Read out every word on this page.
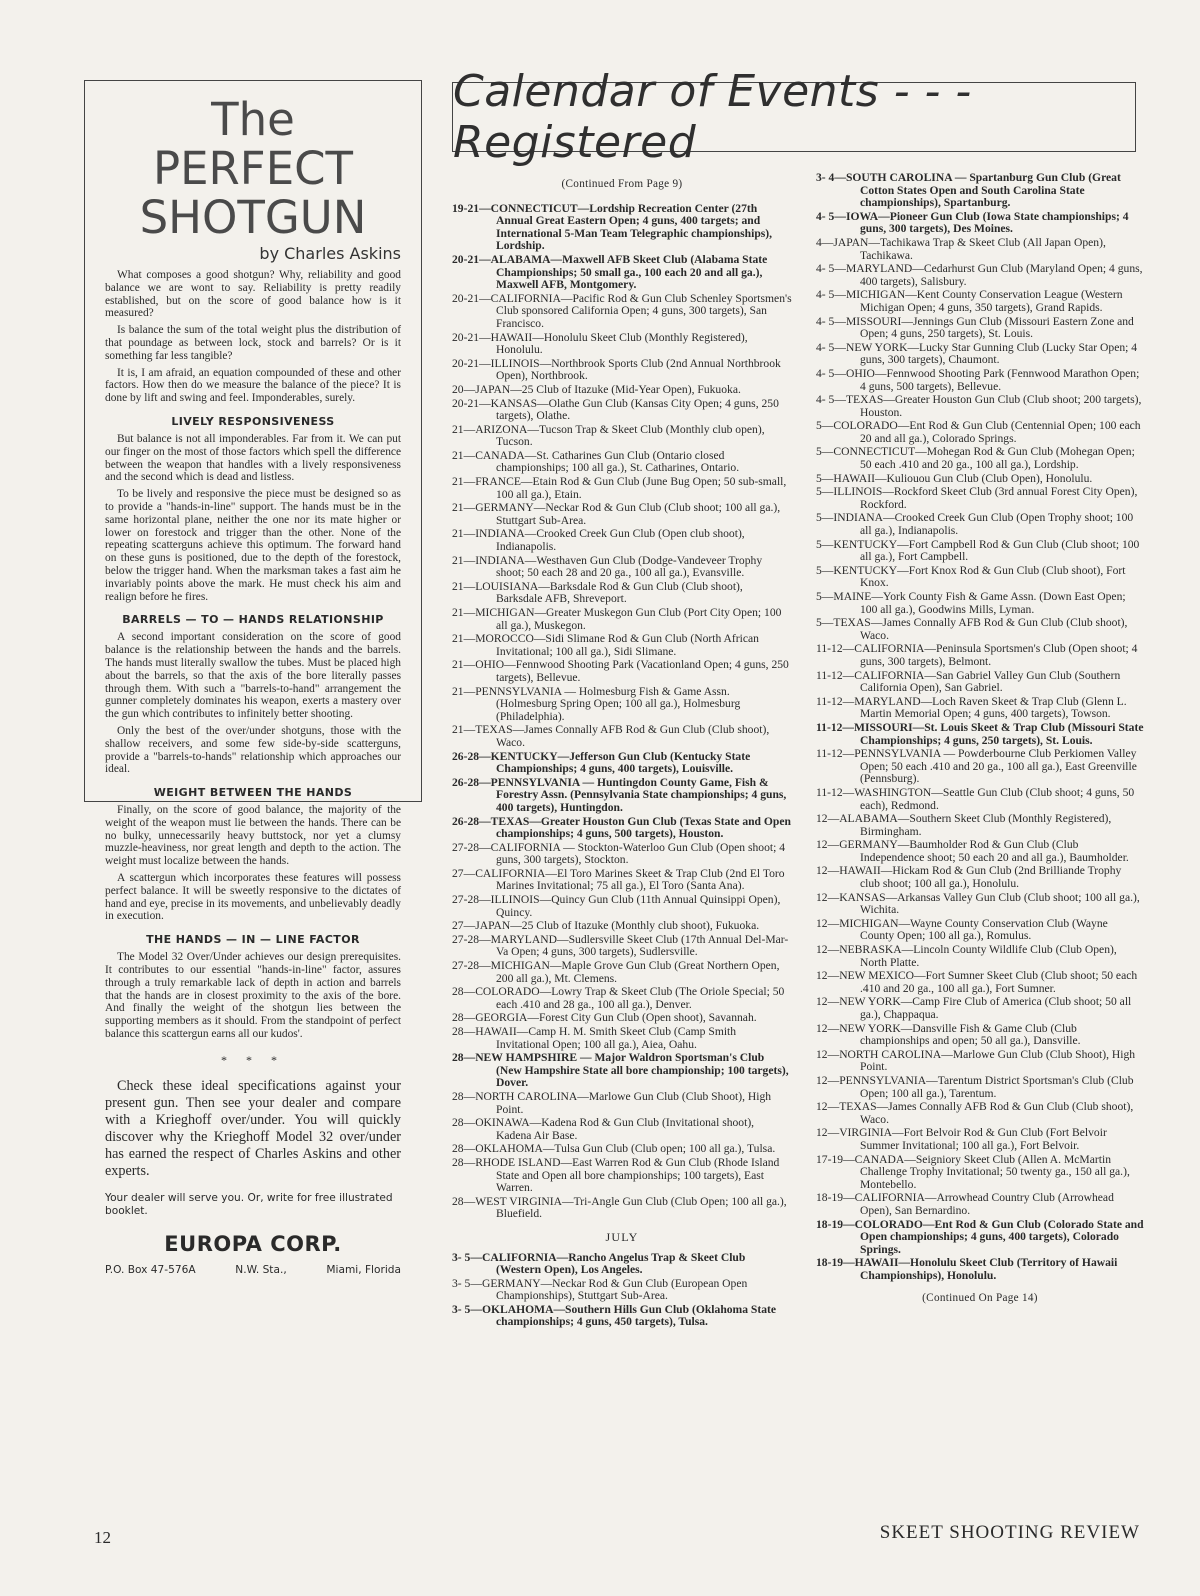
The PERFECT
SHOTGUN
by Charles Askins

What composes a good shotgun? Why, reliability and good balance we are wont to say. Reliability is pretty readily established, but on the score of good balance how is it measured?

Is balance the sum of the total weight plus the distribution of that poundage as between lock, stock and barrels? Or is it something far less tangible?

It is, I am afraid, an equation compounded of these and other factors. How then do we measure the balance of the piece? It is done by lift and swing and feel. Imponderables, surely.

LIVELY RESPONSIVENESS

But balance is not all imponderables. Far from it. We can put our finger on the most of those factors which spell the difference between the weapon that handles with a lively responsiveness and the second which is dead and listless.

To be lively and responsive the piece must be designed so as to provide a "hands-in-line" support. The hands must be in the same horizontal plane, neither the one nor its mate higher or lower on forestock and trigger than the other. None of the repeating scatterguns achieve this optimum. The forward hand on these guns is positioned, due to the depth of the forestock, below the trigger hand. When the marksman takes a fast aim he invariably points above the mark. He must check his aim and realign before he fires.

BARRELS — TO — HANDS RELATIONSHIP

A second important consideration on the score of good balance is the relationship between the hands and the barrels. The hands must literally swallow the tubes. Must be placed high about the barrels, so that the axis of the bore literally passes through them. With such a "barrels-to-hand" arrangement the gunner completely dominates his weapon, exerts a mastery over the gun which contributes to infinitely better shooting.

Only the best of the over/under shotguns, those with the shallow receivers, and some few side-by-side scatterguns, provide a "barrels-to-hands" relationship which approaches our ideal.

WEIGHT BETWEEN THE HANDS

Finally, on the score of good balance, the majority of the weight of the weapon must lie between the hands. There can be no bulky, unnecessarily heavy buttstock, nor yet a clumsy muzzle-heaviness, nor great length and depth to the action. The weight must localize between the hands.

A scattergun which incorporates these features will possess perfect balance. It will be sweetly responsive to the dictates of hand and eye, precise in its movements, and unbelievably deadly in execution.

THE HANDS — IN — LINE FACTOR

The Model 32 Over/Under achieves our design prerequisites. It contributes to our essential "hands-in-line" factor, assures through a truly remarkable lack of depth in action and barrels that the hands are in closest proximity to the axis of the bore. And finally the weight of the shotgun lies between the supporting members as it should. From the standpoint of perfect balance this scattergun earns all our kudos'.

* * *

Check these ideal specifications against your present gun. Then see your dealer and compare with a Krieghoff over/under. You will quickly discover why the Krieghoff Model 32 over/under has earned the respect of Charles Askins and other experts.

Your dealer will serve you. Or, write for free illustrated booklet.

EUROPA CORP.
P.O. Box 47-576A	N.W. Sta.,	Miami, Florida
Calendar of Events - - - Registered
(Continued From Page 9)
19-21—CONNECTICUT—Lordship Recreation Center (27th Annual Great Eastern Open; 4 guns, 400 targets; and International 5-Man Team Telegraphic championships), Lordship.
20-21—ALABAMA—Maxwell AFB Skeet Club (Alabama State Championships; 50 small ga., 100 each 20 and all ga.), Maxwell AFB, Montgomery.
20-21—CALIFORNIA—Pacific Rod & Gun Club Schenley Sportsmen's Club sponsored California Open; 4 guns, 300 targets), San Francisco.
20-21—HAWAII—Honolulu Skeet Club (Monthly Registered), Honolulu.
20-21—ILLINOIS—Northbrook Sports Club (2nd Annual Northbrook Open), Northbrook.
20—JAPAN—25 Club of Itazuke (Mid-Year Open), Fukuoka.
20-21—KANSAS—Olathe Gun Club (Kansas City Open; 4 guns, 250 targets), Olathe.
21—ARIZONA—Tucson Trap & Skeet Club (Monthly club open), Tucson.
21—CANADA—St. Catharines Gun Club (Ontario closed championships; 100 all ga.), St. Catharines, Ontario.
21—FRANCE—Etain Rod & Gun Club (June Bug Open; 50 sub-small, 100 all ga.), Etain.
21—GERMANY—Neckar Rod & Gun Club (Club shoot; 100 all ga.), Stuttgart Sub-Area.
21—INDIANA—Crooked Creek Gun Club (Open club shoot), Indianapolis.
21—INDIANA—Westhaven Gun Club (Dodge-Vandeveer Trophy shoot; 50 each 28 and 20 ga., 100 all ga.), Evansville.
21—LOUISIANA—Barksdale Rod & Gun Club (Club shoot), Barksdale AFB, Shreveport.
21—MICHIGAN—Greater Muskegon Gun Club (Port City Open; 100 all ga.), Muskegon.
21—MOROCCO—Sidi Slimane Rod & Gun Club (North African Invitational; 100 all ga.), Sidi Slimane.
21—OHIO—Fennwood Shooting Park (Vacationland Open; 4 guns, 250 targets), Bellevue.
21—PENNSYLVANIA — Holmesburg Fish & Game Assn. (Holmesburg Spring Open; 100 all ga.), Holmesburg (Philadelphia).
21—TEXAS—James Connally AFB Rod & Gun Club (Club shoot), Waco.
26-28—KENTUCKY—Jefferson Gun Club (Kentucky State Championships; 4 guns, 400 targets), Louisville.
26-28—PENNSYLVANIA — Huntingdon County Game, Fish & Forestry Assn. (Pennsylvania State championships; 4 guns, 400 targets), Huntingdon.
26-28—TEXAS—Greater Houston Gun Club (Texas State and Open championships; 4 guns, 500 targets), Houston.
27-28—CALIFORNIA — Stockton-Waterloo Gun Club (Open shoot; 4 guns, 300 targets), Stockton.
27—CALIFORNIA—El Toro Marines Skeet & Trap Club (2nd El Toro Marines Invitational; 75 all ga.), El Toro (Santa Ana).
27-28—ILLINOIS—Quincy Gun Club (11th Annual Quinsippi Open), Quincy.
27—JAPAN—25 Club of Itazuke (Monthly club shoot), Fukuoka.
27-28—MARYLAND—Sudlersville Skeet Club (17th Annual Del-Mar-Va Open; 4 guns, 300 targets), Sudlersville.
27-28—MICHIGAN—Maple Grove Gun Club (Great Northern Open, 200 all ga.), Mt. Clemens.
28—COLORADO—Lowry Trap & Skeet Club (The Oriole Special; 50 each .410 and 28 ga., 100 all ga.), Denver.
28—GEORGIA—Forest City Gun Club (Open shoot), Savannah.
28—HAWAII—Camp H. M. Smith Skeet Club (Camp Smith Invitational Open; 100 all ga.), Aiea, Oahu.
28—NEW HAMPSHIRE — Major Waldron Sportsman's Club (New Hampshire State all bore championship; 100 targets), Dover.
28—NORTH CAROLINA—Marlowe Gun Club (Club Shoot), High Point.
28—OKINAWA—Kadena Rod & Gun Club (Invitational shoot), Kadena Air Base.
28—OKLAHOMA—Tulsa Gun Club (Club open; 100 all ga.), Tulsa.
28—RHODE ISLAND—East Warren Rod & Gun Club (Rhode Island State and Open all bore championships; 100 targets), East Warren.
28—WEST VIRGINIA—Tri-Angle Gun Club (Club Open; 100 all ga.), Bluefield.
JULY
3- 5—CALIFORNIA—Rancho Angelus Trap & Skeet Club (Western Open), Los Angeles.
3- 5—GERMANY—Neckar Rod & Gun Club (European Open Championships), Stuttgart Sub-Area.
3- 5—OKLAHOMA—Southern Hills Gun Club (Oklahoma State championships; 4 guns, 450 targets), Tulsa.
3- 4—SOUTH CAROLINA — Spartanburg Gun Club (Great Cotton States Open and South Carolina State championships), Spartanburg.
4- 5—IOWA—Pioneer Gun Club (Iowa State championships; 4 guns, 300 targets), Des Moines.
4—JAPAN—Tachikawa Trap & Skeet Club (All Japan Open), Tachikawa.
4- 5—MARYLAND—Cedarhurst Gun Club (Maryland Open; 4 guns, 400 targets), Salisbury.
4- 5—MICHIGAN—Kent County Conservation League (Western Michigan Open; 4 guns, 350 targets), Grand Rapids.
4- 5—MISSOURI—Jennings Gun Club (Missouri Eastern Zone and Open; 4 guns, 250 targets), St. Louis.
4- 5—NEW YORK—Lucky Star Gunning Club (Lucky Star Open; 4 guns, 300 targets), Chaumont.
4- 5—OHIO—Fennwood Shooting Park (Fennwood Marathon Open; 4 guns, 500 targets), Bellevue.
4- 5—TEXAS—Greater Houston Gun Club (Club shoot; 200 targets), Houston.
5—COLORADO—Ent Rod & Gun Club (Centennial Open; 100 each 20 and all ga.), Colorado Springs.
5—CONNECTICUT—Mohegan Rod & Gun Club (Mohegan Open; 50 each .410 and 20 ga., 100 all ga.), Lordship.
5—HAWAII—Kuliouou Gun Club (Club Open), Honolulu.
5—ILLINOIS—Rockford Skeet Club (3rd annual Forest City Open), Rockford.
5—INDIANA—Crooked Creek Gun Club (Open Trophy shoot; 100 all ga.), Indianapolis.
5—KENTUCKY—Fort Campbell Rod & Gun Club (Club shoot; 100 all ga.), Fort Campbell.
5—KENTUCKY—Fort Knox Rod & Gun Club (Club shoot), Fort Knox.
5—MAINE—York County Fish & Game Assn. (Down East Open; 100 all ga.), Goodwins Mills, Lyman.
5—TEXAS—James Connally AFB Rod & Gun Club (Club shoot), Waco.
11-12—CALIFORNIA—Peninsula Sportsmen's Club (Open shoot; 4 guns, 300 targets), Belmont.
11-12—CALIFORNIA—San Gabriel Valley Gun Club (Southern California Open), San Gabriel.
11-12—MARYLAND—Loch Raven Skeet & Trap Club (Glenn L. Martin Memorial Open; 4 guns, 400 targets), Towson.
11-12—MISSOURI—St. Louis Skeet & Trap Club (Missouri State Championships; 4 guns, 250 targets), St. Louis.
11-12—PENNSYLVANIA — Powderbourne Club Perkiomen Valley Open; 50 each .410 and 20 ga., 100 all ga.), East Greenville (Pennsburg).
11-12—WASHINGTON—Seattle Gun Club (Club shoot; 4 guns, 50 each), Redmond.
12—ALABAMA—Southern Skeet Club (Monthly Registered), Birmingham.
12—GERMANY—Baumholder Rod & Gun Club (Club Independence shoot; 50 each 20 and all ga.), Baumholder.
12—HAWAII—Hickam Rod & Gun Club (2nd Brilliande Trophy club shoot; 100 all ga.), Honolulu.
12—KANSAS—Arkansas Valley Gun Club (Club shoot; 100 all ga.), Wichita.
12—MICHIGAN—Wayne County Conservation Club (Wayne County Open; 100 all ga.), Romulus.
12—NEBRASKA—Lincoln County Wildlife Club (Club Open), North Platte.
12—NEW MEXICO—Fort Sumner Skeet Club (Club shoot; 50 each .410 and 20 ga., 100 all ga.), Fort Sumner.
12—NEW YORK—Camp Fire Club of America (Club shoot; 50 all ga.), Chappaqua.
12—NEW YORK—Dansville Fish & Game Club (Club championships and open; 50 all ga.), Dansville.
12—NORTH CAROLINA—Marlowe Gun Club (Club Shoot), High Point.
12—PENNSYLVANIA—Tarentum District Sportsman's Club (Club Open; 100 all ga.), Tarentum.
12—TEXAS—James Connally AFB Rod & Gun Club (Club shoot), Waco.
12—VIRGINIA—Fort Belvoir Rod & Gun Club (Fort Belvoir Summer Invitational; 100 all ga.), Fort Belvoir.
17-19—CANADA—Seigniory Skeet Club (Allen A. McMartin Challenge Trophy Invitational; 50 twenty ga., 150 all ga.), Montebello.
18-19—CALIFORNIA—Arrowhead Country Club (Arrowhead Open), San Bernardino.
18-19—COLORADO—Ent Rod & Gun Club (Colorado State and Open championships; 4 guns, 400 targets), Colorado Springs.
18-19—HAWAII—Honolulu Skeet Club (Territory of Hawaii Championships), Honolulu.
(Continued On Page 14)
12	SKEET SHOOTING REVIEW
